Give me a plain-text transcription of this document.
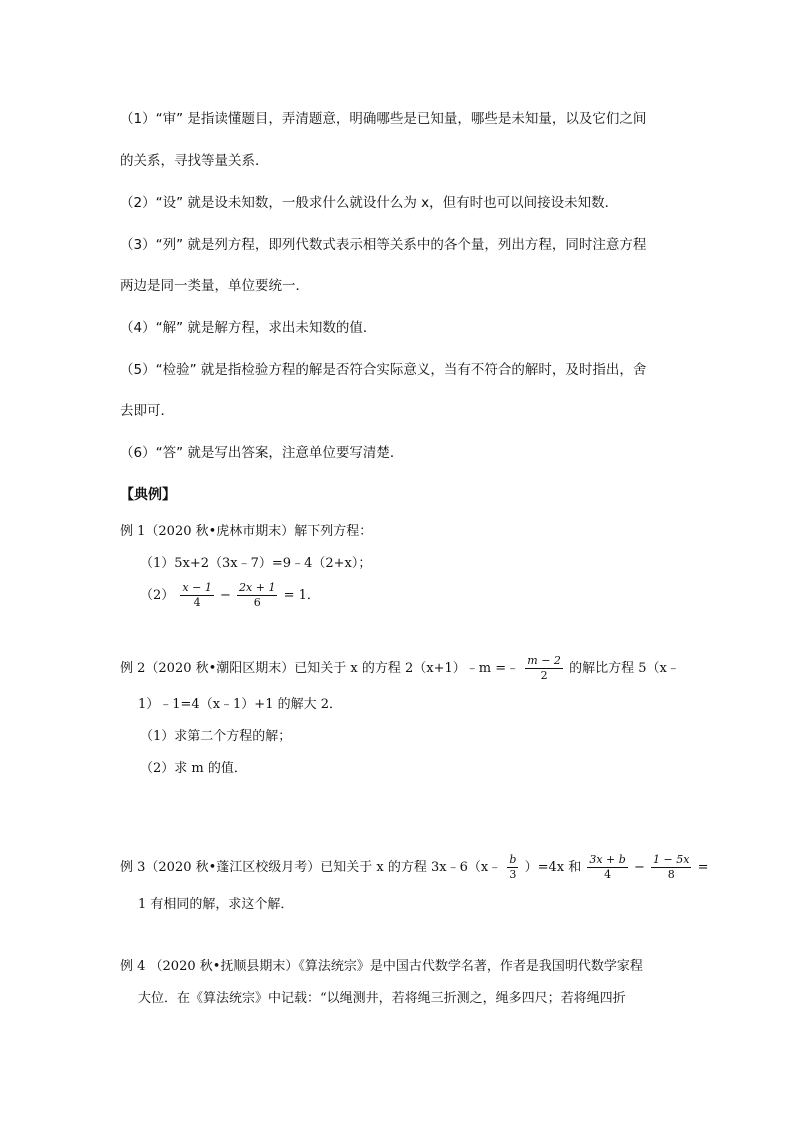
（1）“审” 是指读懂题目，弄清题意，明确哪些是已知量，哪些是未知量，以及它们之间
的关系，寻找等量关系．
（2）“设” 就是设未知数，一般求什么就设什么为 x，但有时也可以间接设未知数．
（3）“列” 就是列方程，即列代数式表示相等关系中的各个量，列出方程，同时注意方程
两边是同一类量，单位要统一．
（4）“解” 就是解方程，求出未知数的值．
（5）“检验” 就是指检验方程的解是否符合实际意义，当有不符合的解时，及时指出，舍
去即可．
（6）“答” 就是写出答案，注意单位要写清楚．
【典例】
例 1（2020 秋•虎林市期末）解下列方程：
（1）5x+2（3x﹣7）=9﹣4（2+x）；
$(2) \frac{x - 1}{4} - \frac{2x + 1}{6} = 1$．
例 2（2020 秋•潮阳区期末）已知关于 x 的方程 2（x+1）﹣m =﹣ $\frac{m - 2}{2}$ 的解比方程 5（x﹣
1）﹣1=4（x﹣1）+1 的解大 2．
（1）求第二个方程的解；
（2）求 m 的值．
例 3（2020 秋•蓬江区校级月考）已知关于 x 的方程 3x﹣6（x﹣ $\frac{b}{3} )=4x$ 和 $\frac{3x + b}{4} - \frac{1 - 5x}{8}$ =
1 有相同的解，求这个解．
例 4 （2020 秋•抚顺县期末）《算法统宗》是中国古代数学名著，作者是我国明代数学家程
大位．在《算法统宗》中记载：“以绳测井，若将绳三折测之，绳多四尺；若将绳四折
